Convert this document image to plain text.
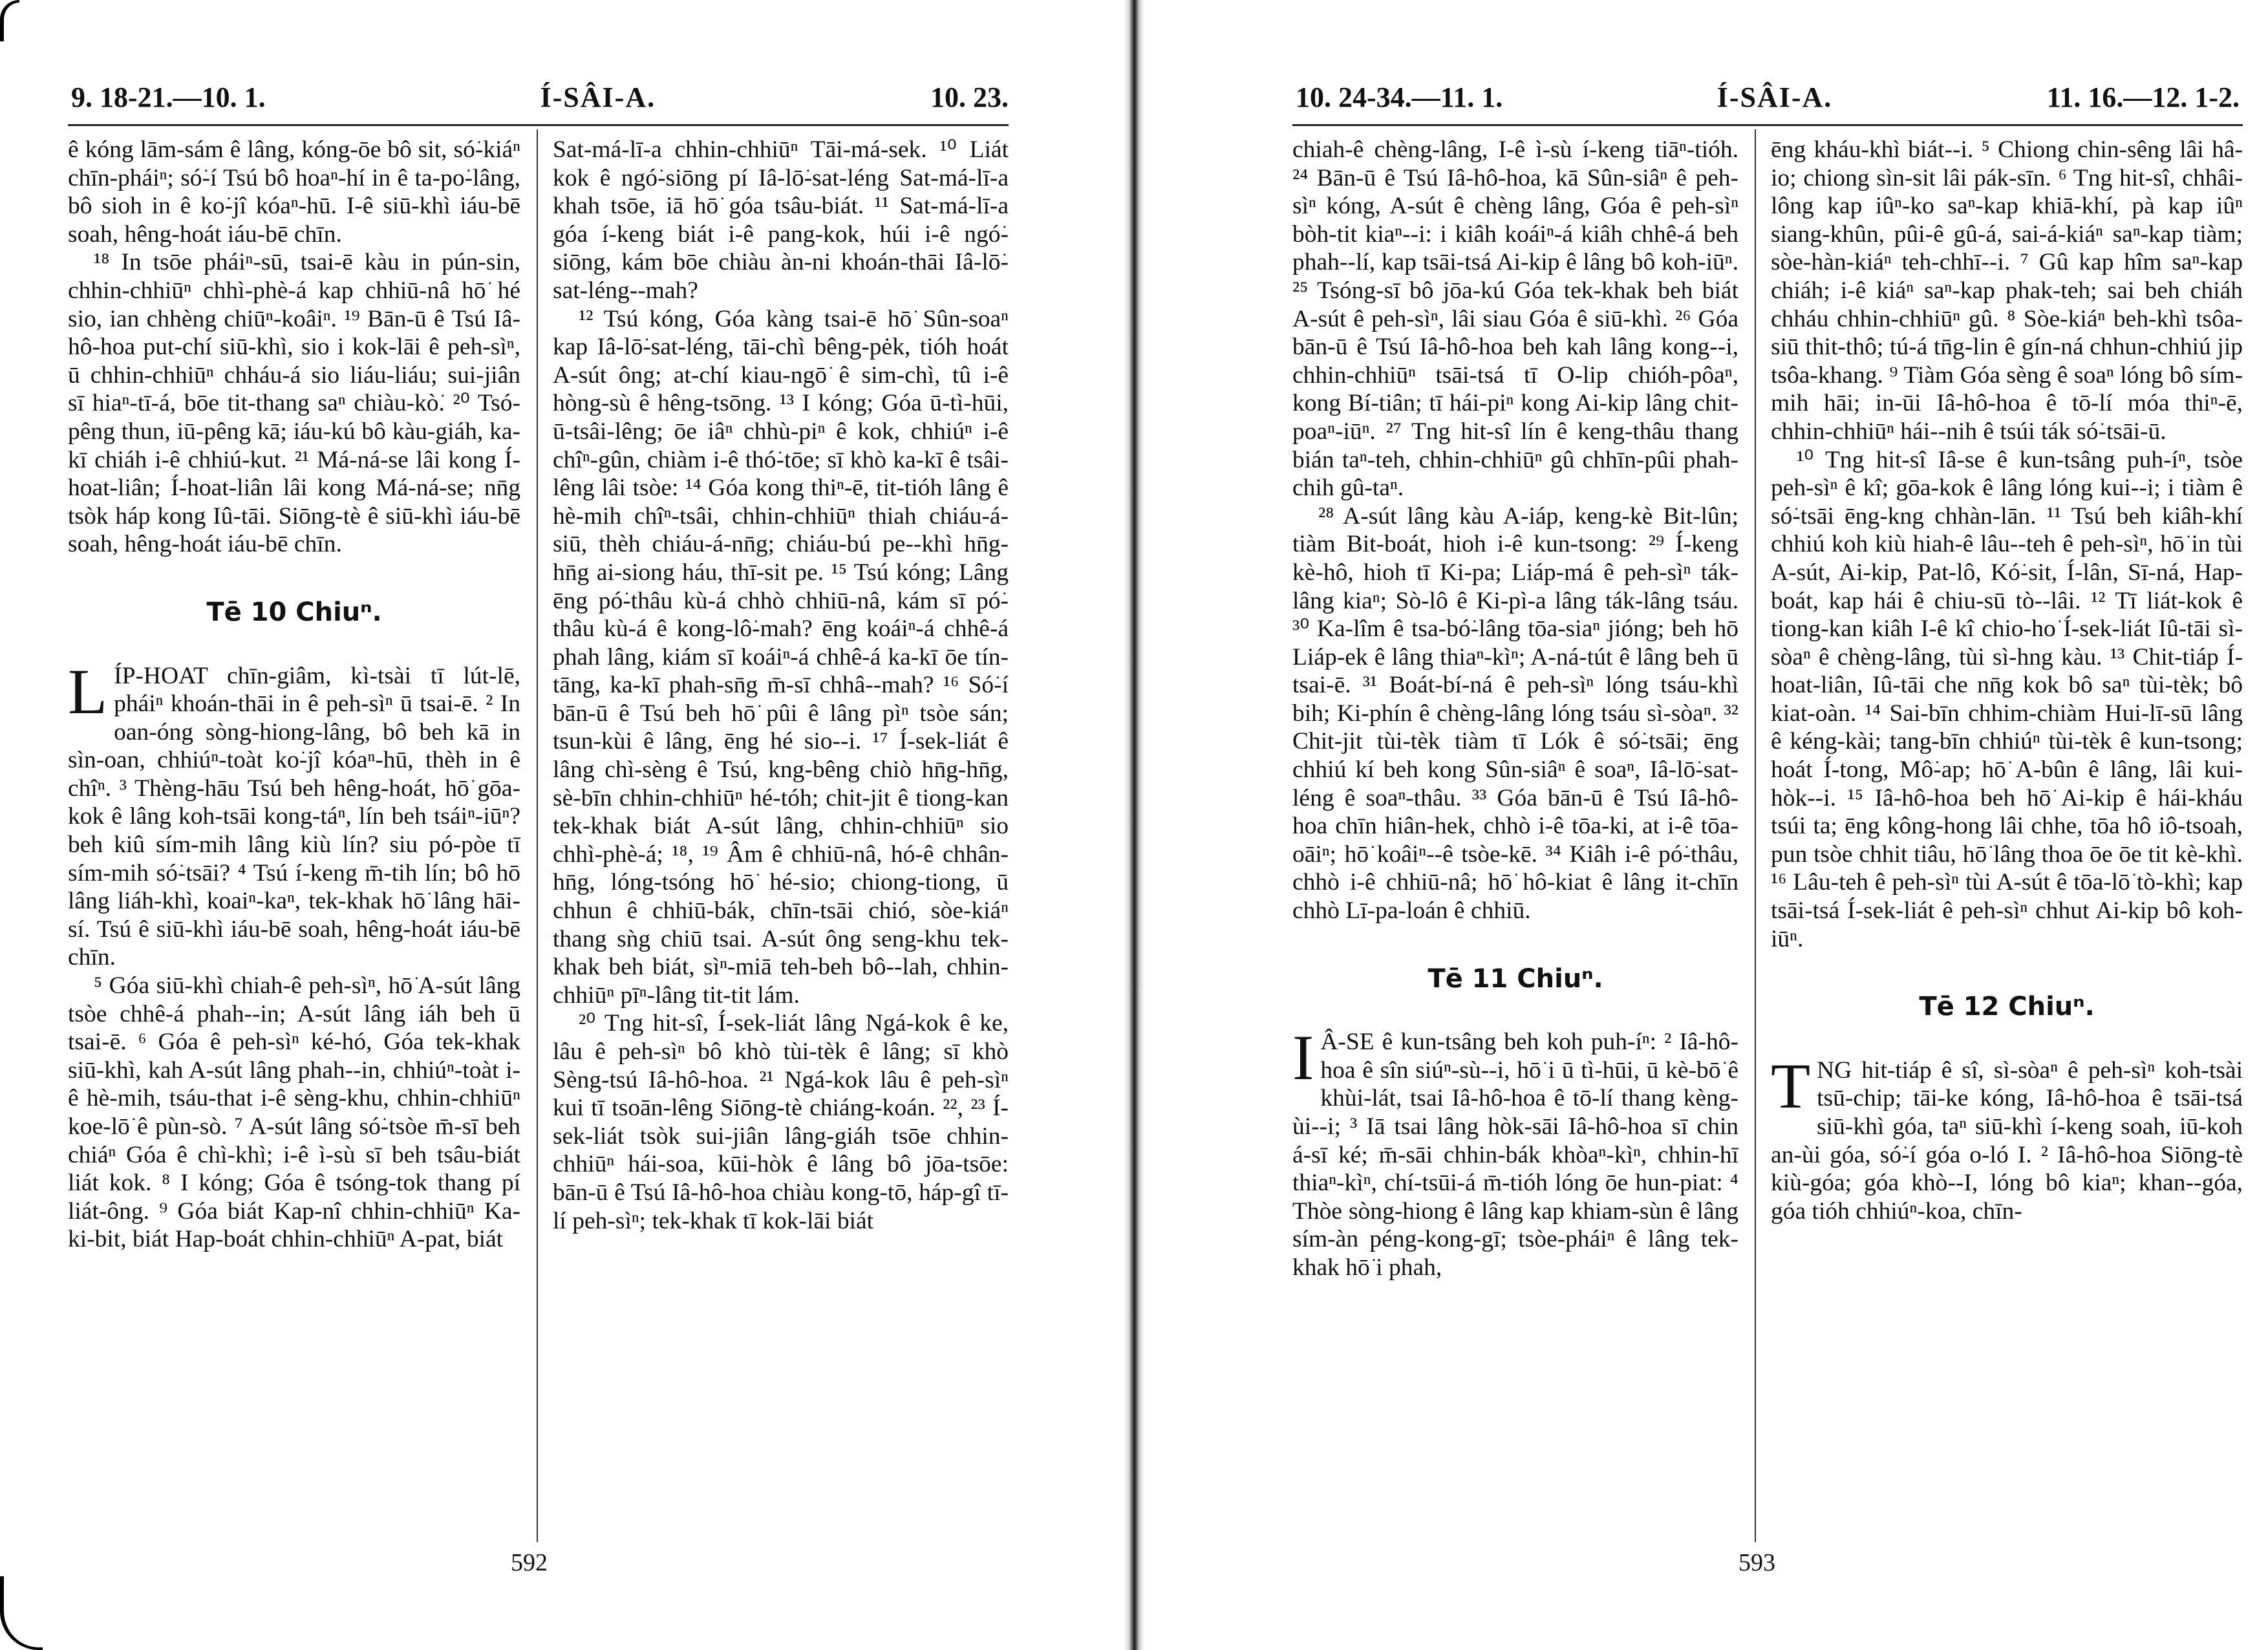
9. 18-21.—10. 1.	Í-SÂI-A.	10. 23.

ê kóng lām-sám ê lâng, kóng-ōe bô sit, só͘-kiáⁿ chīn-pháiⁿ; só͘-í Tsú bô hoaⁿ-hí in ê ta-po͘-lâng, bô sioh in ê ko͘-jî kóaⁿ-hū. I-ê siū-khì iáu-bē soah, hêng-hoát iáu-bē chīn.

¹⁸ In tsōe pháiⁿ-sū, tsai-ē kàu in pún-sin, chhin-chhiūⁿ chhì-phè-á kap chhiū-nâ hō͘ hé sio, ian chhèng chiūⁿ-koâiⁿ. ¹⁹ Bān-ū ê Tsú Iâ-hô-hoa put-chí siū-khì, sio i kok-lāi ê peh-sìⁿ, ū chhin-chhiūⁿ chháu-á sio liáu-liáu; sui-jiân sī hiaⁿ-tī-á, bōe tit-thang saⁿ chiàu-kò͘. ²⁰ Tsó-pêng thun, iū-pêng kā; iáu-kú bô kàu-giáh, ka-kī chiáh i-ê chhiú-kut. ²¹ Má-ná-se lâi kong Í-hoat-liân; Í-hoat-liân lâi kong Má-ná-se; nn̄g tsòk háp kong Iû-tāi. Siōng-tè ê siū-khì iáu-bē soah, hêng-hoát iáu-bē chīn.

Tē 10 Chiuⁿ.

LÍP-HOAT chīn-giâm, kì-tsài tī lút-lē, pháiⁿ khoán-thāi in ê peh-sìⁿ ū tsai-ē. ² In oan-óng sòng-hiong-lâng, bô beh kā in sìn-oan, chhiúⁿ-toàt ko͘-jî kóaⁿ-hū, thèh in ê chîⁿ. ³ Thèng-hāu Tsú beh hêng-hoát, hō͘ gōa-kok ê lâng koh-tsāi kong-táⁿ, lín beh tsáiⁿ-iūⁿ? beh kiû sím-mih lâng kiù lín? siu pó-pòe tī sím-mih só͘-tsāi? ⁴ Tsú í-keng m̄-tih lín; bô hō͘ lâng liáh-khì, koaiⁿ-kaⁿ, tek-khak hō͘ lâng hāi-sí. Tsú ê siū-khì iáu-bē soah, hêng-hoát iáu-bē chīn.

⁵ Góa siū-khì chiah-ê peh-sìⁿ, hō͘ A-sút lâng tsòe chhê-á phah--in; A-sút lâng iáh beh ū tsai-ē. ⁶ Góa ê peh-sìⁿ ké-hó, Góa tek-khak siū-khì, kah A-sút lâng phah--in, chhiúⁿ-toàt i-ê hè-mih, tsáu-that i-ê sèng-khu, chhin-chhiūⁿ koe-lō͘ ê pùn-sò. ⁷ A-sút lâng só͘-tsòe m̄-sī beh chiáⁿ Góa ê chì-khì; i-ê ì-sù sī beh tsâu-biát liát kok. ⁸ I kóng; Góa ê tsóng-tok thang pí liát-ông. ⁹ Góa biát Kap-nî chhin-chhiūⁿ Ka-ki-bit, biát Hap-boát chhin-chhiūⁿ A-pat, biát

Sat-má-lī-a chhin-chhiūⁿ Tāi-má-sek. ¹⁰ Liát kok ê ngó͘-siōng pí Iâ-lō͘-sat-léng Sat-má-lī-a khah tsōe, iā hō͘ góa tsâu-biát. ¹¹ Sat-má-lī-a góa í-keng biát i-ê pang-kok, húi i-ê ngó͘-siōng, kám bōe chiàu àn-ni khoán-thāi Iâ-lō͘-sat-léng--mah?

¹² Tsú kóng, Góa kàng tsai-ē hō͘ Sûn-soaⁿ kap Iâ-lō͘-sat-léng, tāi-chì bêng-pėk, tióh hoát A-sút ông; at-chí kiau-ngō͘ ê sim-chì, tû i-ê hòng-sù ê hêng-tsōng. ¹³ I kóng; Góa ū-tì-hūi, ū-tsâi-lêng; ōe iâⁿ chhù-piⁿ ê kok, chhiúⁿ i-ê chîⁿ-gûn, chiàm i-ê thó͘-tōe; sī khò ka-kī ê tsâi-lêng lâi tsòe: ¹⁴ Góa kong thiⁿ-ē, tit-tióh lâng ê hè-mih chîⁿ-tsâi, chhin-chhiūⁿ thiah chiáu-á-siū, thèh chiáu-á-nn̄g; chiáu-bú pe--khì hn̄g-hn̄g ai-siong háu, thī-sit pe. ¹⁵ Tsú kóng; Lâng ēng pó͘-thâu kù-á chhò chhiū-nâ, kám sī pó͘-thâu kù-á ê kong-lô͘-mah? ēng koáiⁿ-á chhê-á phah lâng, kiám sī koáiⁿ-á chhê-á ka-kī ōe tín-tāng, ka-kī phah-sn̄g m̄-sī chhâ--mah? ¹⁶ Só͘-í bān-ū ê Tsú beh hō͘ pûi ê lâng pìⁿ tsòe sán; tsun-kùi ê lâng, ēng hé sio--i. ¹⁷ Í-sek-liát ê lâng chì-sèng ê Tsú, kng-bêng chiò hn̄g-hn̄g, sè-bīn chhin-chhiūⁿ hé-tóh; chit-jit ê tiong-kan tek-khak biát A-sút lâng, chhin-chhiūⁿ sio chhì-phè-á; ¹⁸, ¹⁹ Âm ê chhiū-nâ, hó-ê chhân-hn̄g, lóng-tsóng hō͘ hé-sio; chiong-tiong, ū chhun ê chhiū-bák, chīn-tsāi chió, sòe-kiáⁿ thang sǹg chiū tsai. A-sút ông seng-khu tek-khak beh biát, sìⁿ-miā teh-beh bô--lah, chhin-chhiūⁿ pīⁿ-lâng tit-tit lám.

²⁰ Tng hit-sî, Í-sek-liát lâng Ngá-kok ê ke, lâu ê peh-sìⁿ bô khò tùi-tèk ê lâng; sī khò Sèng-tsú Iâ-hô-hoa. ²¹ Ngá-kok lâu ê peh-sìⁿ kui tī tsoān-lêng Siōng-tè chiáng-koán. ²², ²³ Í-sek-liát tsòk sui-jiân lâng-giáh tsōe chhin-chhiūⁿ hái-soa, kūi-hòk ê lâng bô jōa-tsōe: bān-ū ê Tsú Iâ-hô-hoa chiàu kong-tō, háp-gî tī-lí peh-sìⁿ; tek-khak tī kok-lāi biát

592
10. 24-34.—11. 1.	Í-SÂI-A.	11. 16.—12. 1-2.

chiah-ê chèng-lâng, I-ê ì-sù í-keng tiāⁿ-tióh. ²⁴ Bān-ū ê Tsú Iâ-hô-hoa, kā Sûn-siâⁿ ê peh-sìⁿ kóng, A-sút ê chèng lâng, Góa ê peh-sìⁿ bòh-tit kiaⁿ--i: i kiâh koáiⁿ-á kiâh chhê-á beh phah--lí, kap tsāi-tsá Ai-kip ê lâng bô koh-iūⁿ. ²⁵ Tsóng-sī bô jōa-kú Góa tek-khak beh biát A-sút ê peh-sìⁿ, lâi siau Góa ê siū-khì. ²⁶ Góa bān-ū ê Tsú Iâ-hô-hoa beh kah lâng kong--i, chhin-chhiūⁿ tsāi-tsá tī O-lip chióh-pôaⁿ, kong Bí-tiân; tī hái-piⁿ kong Ai-kip lâng chit-poaⁿ-iūⁿ. ²⁷ Tng hit-sî lín ê keng-thâu thang bián taⁿ-teh, chhin-chhiūⁿ gû chhīn-pûi phah-chih gû-taⁿ.

²⁸ A-sút lâng kàu A-iáp, keng-kè Bit-lûn; tiàm Bit-boát, hioh i-ê kun-tsong: ²⁹ Í-keng kè-hô, hioh tī Ki-pa; Liáp-má ê peh-sìⁿ ták-lâng kiaⁿ; Sò-lô ê Ki-pì-a lâng ták-lâng tsáu. ³⁰ Ka-lîm ê tsa-bó͘-lâng tōa-siaⁿ jióng; beh hō͘ Liáp-ek ê lâng thiaⁿ-kìⁿ; A-ná-tút ê lâng beh ū tsai-ē. ³¹ Boát-bí-ná ê peh-sìⁿ lóng tsáu-khì bih; Ki-phín ê chèng-lâng lóng tsáu sì-sòaⁿ. ³² Chit-jit tùi-tèk tiàm tī Lók ê só͘-tsāi; ēng chhiú kí beh kong Sûn-siâⁿ ê soaⁿ, Iâ-lō͘-sat-léng ê soaⁿ-thâu. ³³ Góa bān-ū ê Tsú Iâ-hô-hoa chīn hiân-hek, chhò i-ê tōa-ki, at i-ê tōa-oāiⁿ; hō͘ koâiⁿ--ê tsòe-kē. ³⁴ Kiâh i-ê pó͘-thâu, chhò i-ê chhiū-nâ; hō͘ hô-kiat ê lâng it-chīn chhò Lī-pa-loán ê chhiū.

Tē 11 Chiuⁿ.

I Â-SE ê kun-tsâng beh koh puh-íⁿ: ² Iâ-hô-hoa ê sîn siúⁿ-sù--i, hō͘ i ū tì-hūi, ū kè-bō͘ ê khùi-lát, tsai Iâ-hô-hoa ê tō-lí thang kèng-ùi--i; ³ Iā tsai lâng hòk-sāi Iâ-hô-hoa sī chin á-sī ké; m̄-sāi chhin-bák khòaⁿ-kìⁿ, chhin-hī thiaⁿ-kìⁿ, chí-tsūi-á m̄-tióh lóng ōe hun-piat: ⁴ Thòe sòng-hiong ê lâng kap khiam-sùn ê lâng sím-àn péng-kong-gī; tsòe-pháiⁿ ê lâng tek-khak hō͘ i phah,

ēng kháu-khì biát--i. ⁵ Chiong chin-sêng lâi hâ-io; chiong sìn-sit lâi pák-sīn. ⁶ Tng hit-sî, chhâi-lông kap iûⁿ-ko saⁿ-kap khiā-khí, pà kap iûⁿ siang-khûn, pûi-ê gû-á, sai-á-kiáⁿ saⁿ-kap tiàm; sòe-hàn-kiáⁿ teh-chhī--i. ⁷ Gû kap hîm saⁿ-kap chiáh; i-ê kiáⁿ saⁿ-kap phak-teh; sai beh chiáh chháu chhin-chhiūⁿ gû. ⁸ Sòe-kiáⁿ beh-khì tsôa-siū thit-thô; tú-á tn̄g-lin ê gín-ná chhun-chhiú jip tsôa-khang. ⁹ Tiàm Góa sèng ê soaⁿ lóng bô sím-mih hāi; in-ūi Iâ-hô-hoa ê tō-lí móa thiⁿ-ē, chhin-chhiūⁿ hái--nih ê tsúi ták só͘-tsāi-ū.

¹⁰ Tng hit-sî Iâ-se ê kun-tsâng puh-íⁿ, tsòe peh-sìⁿ ê kî; gōa-kok ê lâng lóng kui--i; i tiàm ê só͘-tsāi ēng-kng chhàn-lān. ¹¹ Tsú beh kiâh-khí chhiú koh kiù hiah-ê lâu--teh ê peh-sìⁿ, hō͘ in tùi A-sút, Ai-kip, Pat-lô, Kó͘-sit, Í-lân, Sī-ná, Hap-boát, kap hái ê chiu-sū tò--lâi. ¹² Tī liát-kok ê tiong-kan kiâh I-ê kî chio-ho͘ Í-sek-liát Iû-tāi sì-sòaⁿ ê chèng-lâng, tùi sì-hng kàu. ¹³ Chit-tiáp Í-hoat-liân, Iû-tāi che nn̄g kok bô saⁿ tùi-tèk; bô kiat-oàn. ¹⁴ Sai-bīn chhim-chiàm Hui-lī-sū lâng ê kéng-kài; tang-bīn chhiúⁿ tùi-tèk ê kun-tsong; hoát Í-tong, Mô͘-ap; hō͘ A-bûn ê lâng, lâi kui-hòk--i. ¹⁵ Iâ-hô-hoa beh hō͘ Ai-kip ê hái-kháu tsúi ta; ēng kông-hong lâi chhe, tōa hô iô-tsoah, pun tsòe chhit tiâu, hō͘ lâng thoa ōe ōe tit kè-khì. ¹⁶ Lâu-teh ê peh-sìⁿ tùi A-sút ê tōa-lō͘ tò-khì; kap tsāi-tsá Í-sek-liát ê peh-sìⁿ chhut Ai-kip bô koh-iūⁿ.

Tē 12 Chiuⁿ.

TNG hit-tiáp ê sî, sì-sòaⁿ ê peh-sìⁿ koh-tsài tsū-chip; tāi-ke kóng, Iâ-hô-hoa ê tsāi-tsá siū-khì góa, taⁿ siū-khì í-keng soah, iū-koh an-ùi góa, só͘-í góa o-ló I. ² Iâ-hô-hoa Siōng-tè kiù-góa; góa khò--I, lóng bô kiaⁿ; khan--góa, góa tióh chhiúⁿ-koa, chīn-

593
